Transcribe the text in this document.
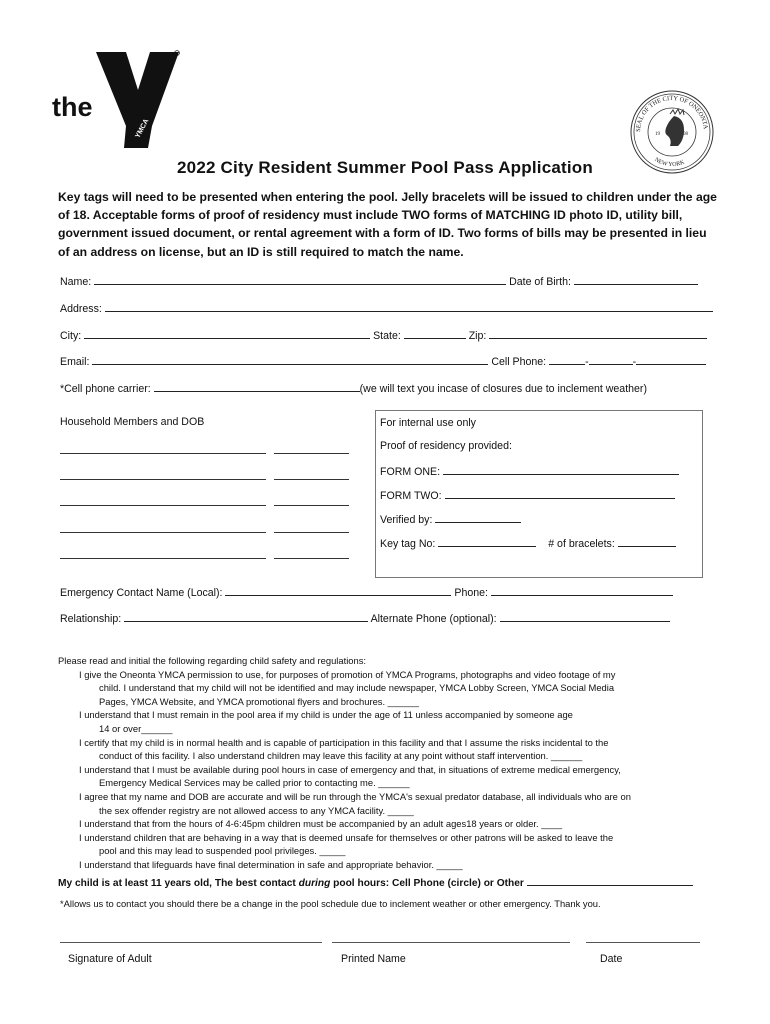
the
YMCA	SEAL OF THE CITY OF ONEONTA
NEW YORK
19	08
2022 City Resident Summer Pool Pass Application
Key tags will need to be presented when entering the pool. Jelly bracelets will be issued to children under the age of 18. Acceptable forms of proof of residency must include TWO forms of MATCHING ID photo ID, utility bill, government issued document, or rental agreement with a form of ID. Two forms of bills may be presented in lieu of an address on license, but an ID is still required to match the name.
Name:	Date of Birth:
Address:
City:	State:	Zip:
Email:	Cell Phone:	-	-
*Cell phone carrier:	(we will text you incase of closures due to inclement weather)
Household Members and DOB	For internal use only
Proof of residency provided:
FORM ONE:
FORM TWO:
Verified by:
Key tag No:	# of bracelets:
Emergency Contact Name (Local):	Phone:
Relationship:	Alternate Phone (optional):
Please read and initial the following regarding child safety and regulations:
I give the Oneonta YMCA permission to use, for purposes of promotion of YMCA Programs, photographs and video footage of my
child. I understand that my child will not be identified and may include newspaper, YMCA Lobby Screen, YMCA Social Media
Pages, YMCA Website, and YMCA promotional flyers and brochures. ______
I understand that I must remain in the pool area if my child is under the age of 11 unless accompanied by someone age
14 or over______
I certify that my child is in normal health and is capable of participation in this facility and that I assume the risks incidental to the
conduct of this facility. I also understand children may leave this facility at any point without staff intervention. ______
I understand that I must be available during pool hours in case of emergency and that, in situations of extreme medical emergency,
Emergency Medical Services may be called prior to contacting me. ______
I agree that my name and DOB are accurate and will be run through the YMCA's sexual predator database, all individuals who are on
the sex offender registry are not allowed access to any YMCA facility. _____
I understand that from the hours of 4-6:45pm children must be accompanied by an adult ages18 years or older. ____
I understand children that are behaving in a way that is deemed unsafe for themselves or other patrons will be asked to leave the
pool and this may lead to suspended pool privileges. _____
I understand that lifeguards have final determination in safe and appropriate behavior. _____
My child is at least 11 years old, The best contact during pool hours: Cell Phone (circle) or Other
*Allows us to contact you should there be a change in the pool schedule due to inclement weather or other emergency. Thank you.
Signature of Adult	Printed Name	Date
